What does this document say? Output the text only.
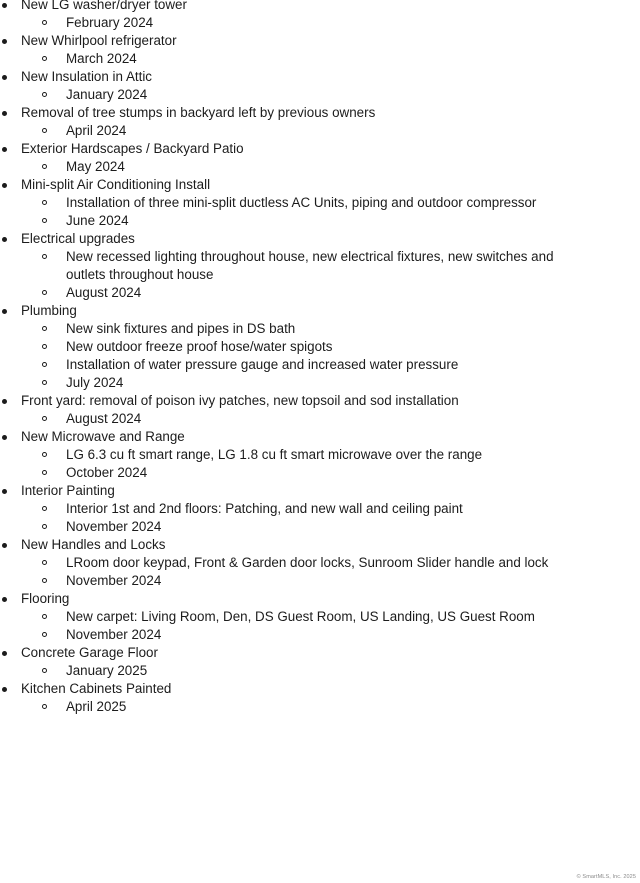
New LG washer/dryer tower
February 2024
New Whirlpool refrigerator
March 2024
New Insulation in Attic
January 2024
Removal of tree stumps in backyard left by previous owners
April 2024
Exterior Hardscapes / Backyard Patio
May 2024
Mini-split Air Conditioning Install
Installation of three mini-split ductless AC Units, piping and outdoor compressor
June 2024
Electrical upgrades
New recessed lighting throughout house, new electrical fixtures, new switches and outlets throughout house
August 2024
Plumbing
New sink fixtures and pipes in DS bath
New outdoor freeze proof hose/water spigots
Installation of water pressure gauge and increased water pressure
July 2024
Front yard: removal of poison ivy patches, new topsoil and sod installation
August 2024
New Microwave and Range
LG 6.3 cu ft smart range, LG 1.8 cu ft smart microwave over the range
October 2024
Interior Painting
Interior 1st and 2nd floors: Patching, and new wall and ceiling paint
November 2024
New Handles and Locks
LRoom door keypad, Front & Garden door locks, Sunroom Slider handle and lock
November 2024
Flooring
New carpet: Living Room, Den, DS Guest Room, US Landing, US Guest Room
November 2024
Concrete Garage Floor
January 2025
Kitchen Cabinets Painted
April 2025
© SmartMLS, Inc. 2025
